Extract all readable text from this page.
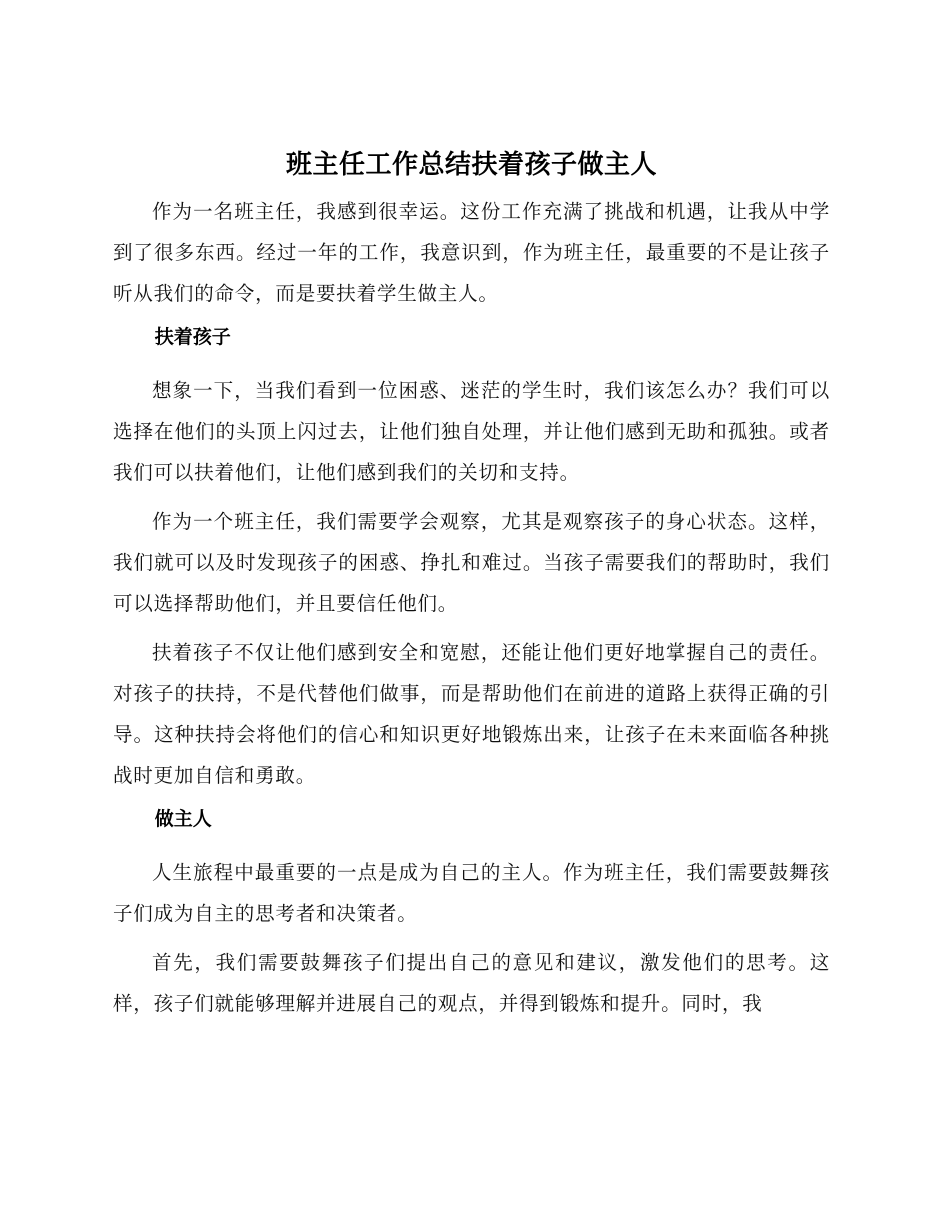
班主任工作总结扶着孩子做主人

作为一名班主任，我感到很幸运。这份工作充满了挑战和机遇，让我从中学到了很多东西。经过一年的工作，我意识到，作为班主任，最重要的不是让孩子听从我们的命令，而是要扶着学生做主人。

扶着孩子

想象一下，当我们看到一位困惑、迷茫的学生时，我们该怎么办？我们可以选择在他们的头顶上闪过去，让他们独自处理，并让他们感到无助和孤独。或者我们可以扶着他们，让他们感到我们的关切和支持。

作为一个班主任，我们需要学会观察，尤其是观察孩子的身心状态。这样，我们就可以及时发现孩子的困惑、挣扎和难过。当孩子需要我们的帮助时，我们可以选择帮助他们，并且要信任他们。

扶着孩子不仅让他们感到安全和宽慰，还能让他们更好地掌握自己的责任。对孩子的扶持，不是代替他们做事，而是帮助他们在前进的道路上获得正确的引导。这种扶持会将他们的信心和知识更好地锻炼出来，让孩子在未来面临各种挑战时更加自信和勇敢。

做主人

人生旅程中最重要的一点是成为自己的主人。作为班主任，我们需要鼓舞孩子们成为自主的思考者和决策者。

首先，我们需要鼓舞孩子们提出自己的意见和建议，激发他们的思考。这样，孩子们就能够理解并进展自己的观点，并得到锻炼和提升。同时，我
